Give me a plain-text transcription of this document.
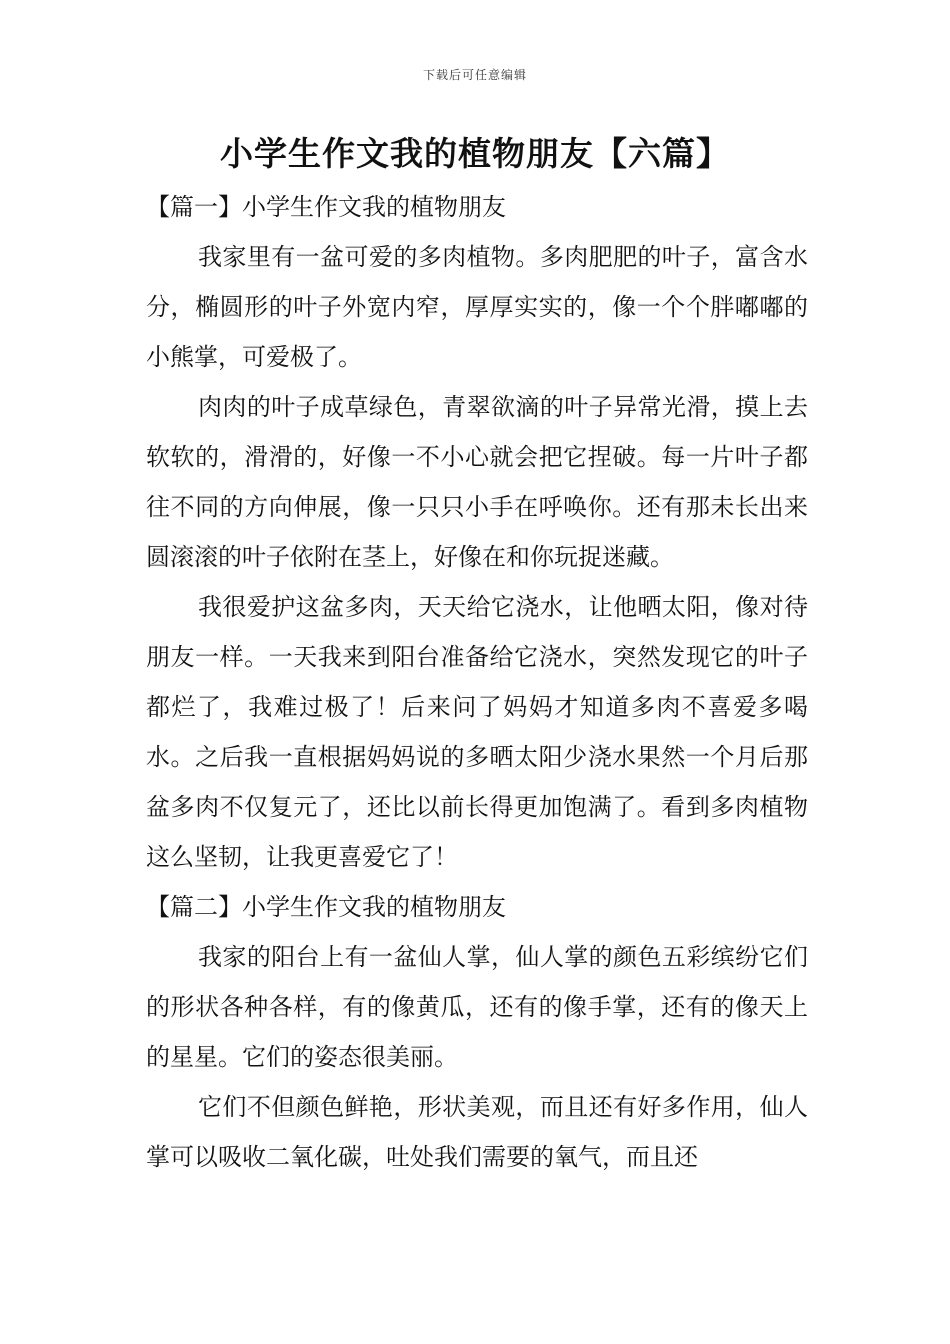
下载后可任意编辑
小学生作文我的植物朋友【六篇】
【篇一】小学生作文我的植物朋友

我家里有一盆可爱的多肉植物。多肉肥肥的叶子，富含水分，椭圆形的叶子外宽内窄，厚厚实实的，像一个个胖嘟嘟的小熊掌，可爱极了。

肉肉的叶子成草绿色，青翠欲滴的叶子异常光滑，摸上去软软的，滑滑的，好像一不小心就会把它捏破。每一片叶子都往不同的方向伸展，像一只只小手在呼唤你。还有那未长出来圆滚滚的叶子依附在茎上，好像在和你玩捉迷藏。

我很爱护这盆多肉，天天给它浇水，让他晒太阳，像对待朋友一样。一天我来到阳台准备给它浇水，突然发现它的叶子都烂了，我难过极了！后来问了妈妈才知道多肉不喜爱多喝水。之后我一直根据妈妈说的多晒太阳少浇水果然一个月后那盆多肉不仅复元了，还比以前长得更加饱满了。看到多肉植物这么坚韧，让我更喜爱它了！

【篇二】小学生作文我的植物朋友

我家的阳台上有一盆仙人掌，仙人掌的颜色五彩缤纷它们的形状各种各样，有的像黄瓜，还有的像手掌，还有的像天上的星星。它们的姿态很美丽。

它们不但颜色鲜艳，形状美观，而且还有好多作用，仙人掌可以吸收二氧化碳，吐处我们需要的氧气，而且还
